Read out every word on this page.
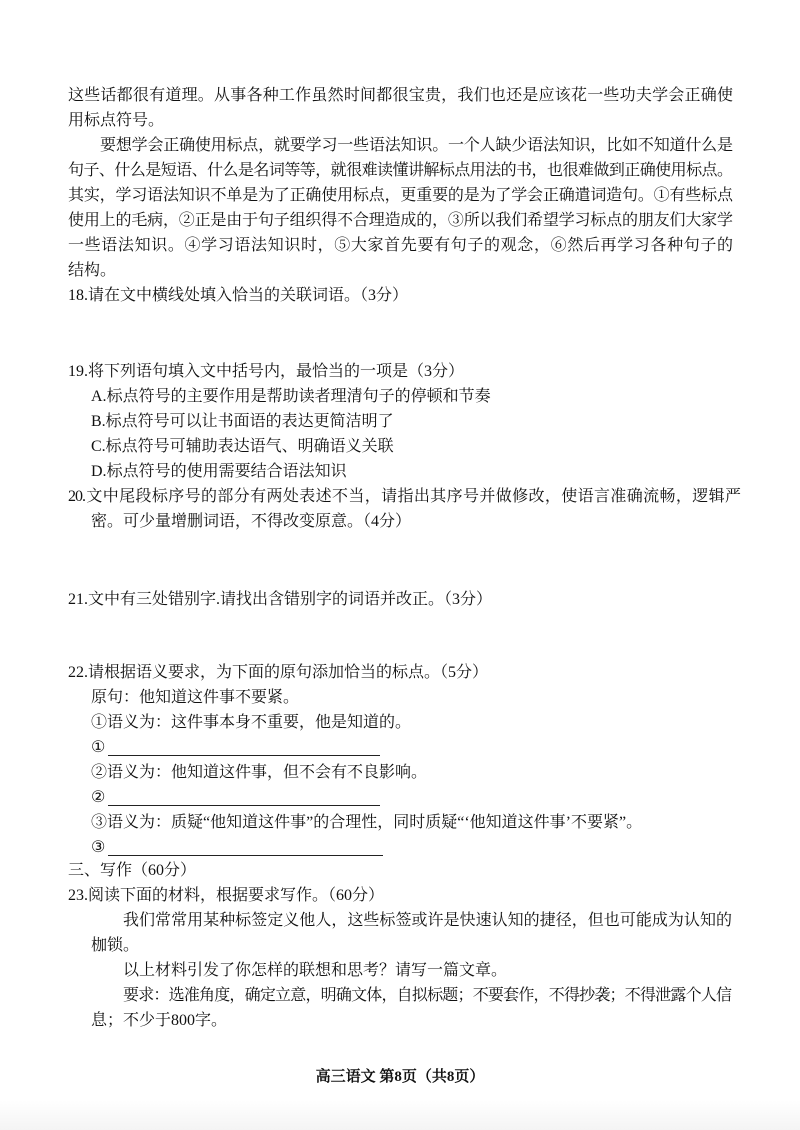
这些话都很有道理。从事各种工作虽然时间都很宝贵，我们也还是应该花一些功夫学会正确使
用标点符号。
要想学会正确使用标点，就要学习一些语法知识。一个人缺少语法知识，比如不知道什么是
句子、什么是短语、什么是名词等等，就很难读懂讲解标点用法的书，也很难做到正确使用标点。
其实，学习语法知识不单是为了正确使用标点，更重要的是为了学会正确遣词造句。①有些标点
使用上的毛病，②正是由于句子组织得不合理造成的，③所以我们希望学习标点的朋友们大家学
一些语法知识。④学习语法知识时，⑤大家首先要有句子的观念，⑥然后再学习各种句子的
结构。
18.请在文中横线处填入恰当的关联词语。（3分）
19.将下列语句填入文中括号内，最恰当的一项是（3分）
A.标点符号的主要作用是帮助读者理清句子的停顿和节奏
B.标点符号可以让书面语的表达更简洁明了
C.标点符号可辅助表达语气、明确语义关联
D.标点符号的使用需要结合语法知识
20.文中尾段标序号的部分有两处表述不当，请指出其序号并做修改，使语言准确流畅，逻辑严
密。可少量增删词语，不得改变原意。（4分）
21.文中有三处错别字.请找出含错别字的词语并改正。（3分）
22.请根据语义要求，为下面的原句添加恰当的标点。（5分）
原句：他知道这件事不要紧。
①语义为：这件事本身不重要，他是知道的。
①
②语义为：他知道这件事，但不会有不良影响。
②
③语义为：质疑“他知道这件事”的合理性，同时质疑“‘他知道这件事’不要紧”。
③
三、写作（60分）
23.阅读下面的材料，根据要求写作。（60分）
我们常常用某种标签定义他人，这些标签或许是快速认知的捷径，但也可能成为认知的
枷锁。
以上材料引发了你怎样的联想和思考？请写一篇文章。
要求：选准角度，确定立意，明确文体，自拟标题；不要套作，不得抄袭；不得泄露个人信
息；不少于800字。
高三语文 第8页（共8页）
